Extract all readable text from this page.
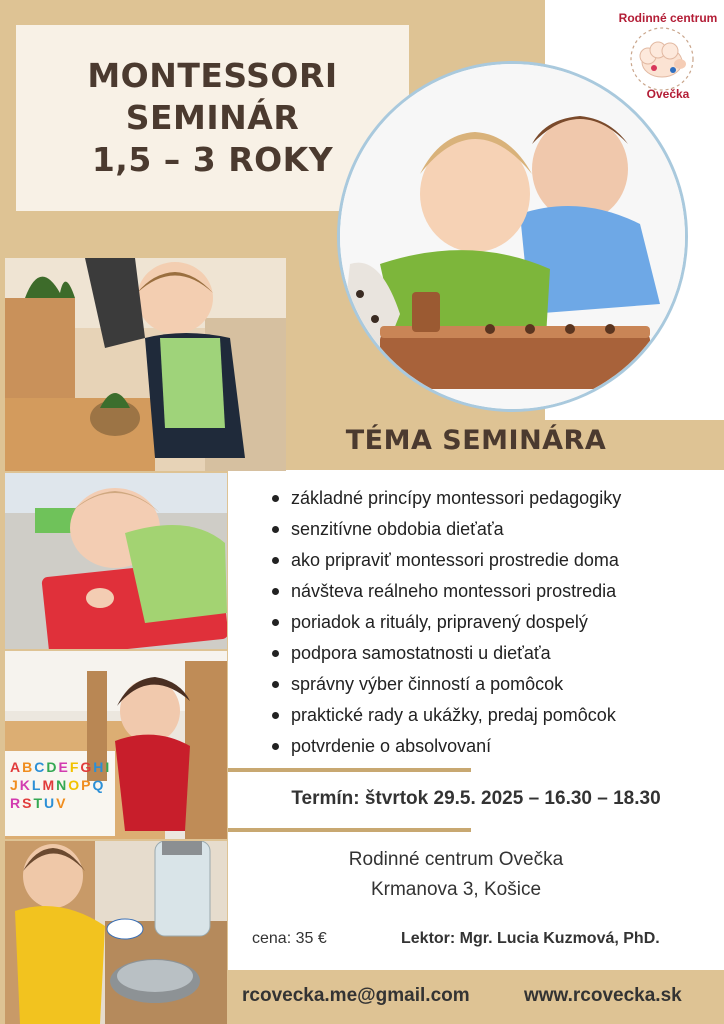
Rodinné centrum
Ovečka
MONTESSORI
SEMINÁR
1,5 – 3 ROKY
A B C D E F G H I
J K L M N O P Q
R S T U V
TÉMA SEMINÁRA
základné princípy montessori pedagogiky
senzitívne obdobia dieťaťa
ako pripraviť montessori prostredie doma
návšteva reálneho montessori prostredia
poriadok a rituály, pripravený dospelý
podpora samostatnosti u dieťaťa
správny výber činností a pomôcok
praktické rady a ukážky, predaj pomôcok
potvrdenie o absolvovaní
Termín: štvrtok 29.5. 2025 – 16.30 – 18.30
Rodinné centrum Ovečka
Krmanova 3, Košice
cena: 35 €	Lektor: Mgr. Lucia Kuzmová, PhD.
rcovecka.me@gmail.com	www.rcovecka.sk
